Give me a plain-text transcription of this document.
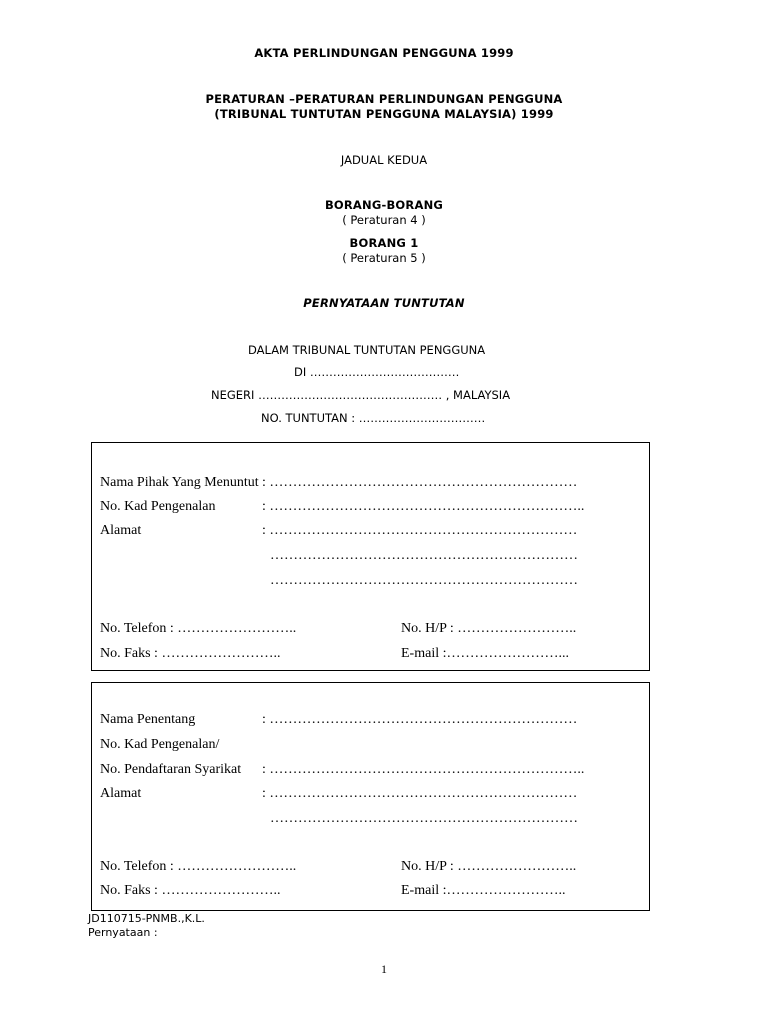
AKTA PERLINDUNGAN PENGGUNA 1999
PERATURAN –PERATURAN PERLINDUNGAN PENGGUNA
(TRIBUNAL TUNTUTAN PENGGUNA MALAYSIA) 1999
JADUAL KEDUA
BORANG-BORANG
( Peraturan 4 )
BORANG 1
( Peraturan 5 )
PERNYATAAN TUNTUTAN
DALAM TRIBUNAL TUNTUTAN PENGGUNA
DI …………………………………
NEGERI ………………………………………… , MALAYSIA
NO. TUNTUTAN : ……………………………
Nama Pihak Yang Menuntut : …………………………………………………………
No. Kad Pengenalan	: …………………………………………………………..
Alamat	: …………………………………………………………
…………………………………………………………
…………………………………………………………
No. Telefon : ……………………..	No. H/P : ……………………..
No. Faks : ……………………..	E-mail :……………………...
Nama Penentang	: …………………………………………………………
No. Kad Pengenalan/
No. Pendaftaran Syarikat : …………………………………………………………..
Alamat	: …………………………………………………………
…………………………………………………………
No. Telefon : ……………………..	No. H/P : ……………………..
No. Faks : ……………………..	E-mail :……………………..
JD110715-PNMB.,K.L.
Pernyataan :
1
